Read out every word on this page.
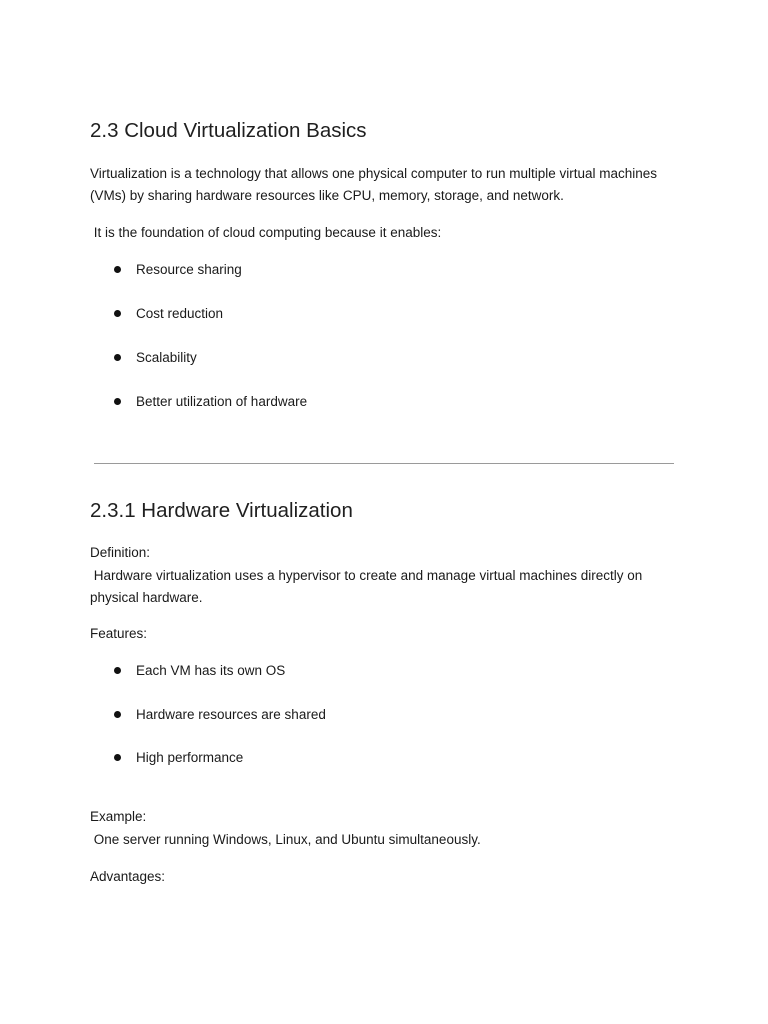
2.3 Cloud Virtualization Basics
Virtualization is a technology that allows one physical computer to run multiple virtual machines
(VMs) by sharing hardware resources like CPU, memory, storage, and network.
It is the foundation of cloud computing because it enables:
Resource sharing
Cost reduction
Scalability
Better utilization of hardware
2.3.1 Hardware Virtualization
Definition:
Hardware virtualization uses a hypervisor to create and manage virtual machines directly on
physical hardware.
Features:
Each VM has its own OS
Hardware resources are shared
High performance
Example:
One server running Windows, Linux, and Ubuntu simultaneously.
Advantages:
